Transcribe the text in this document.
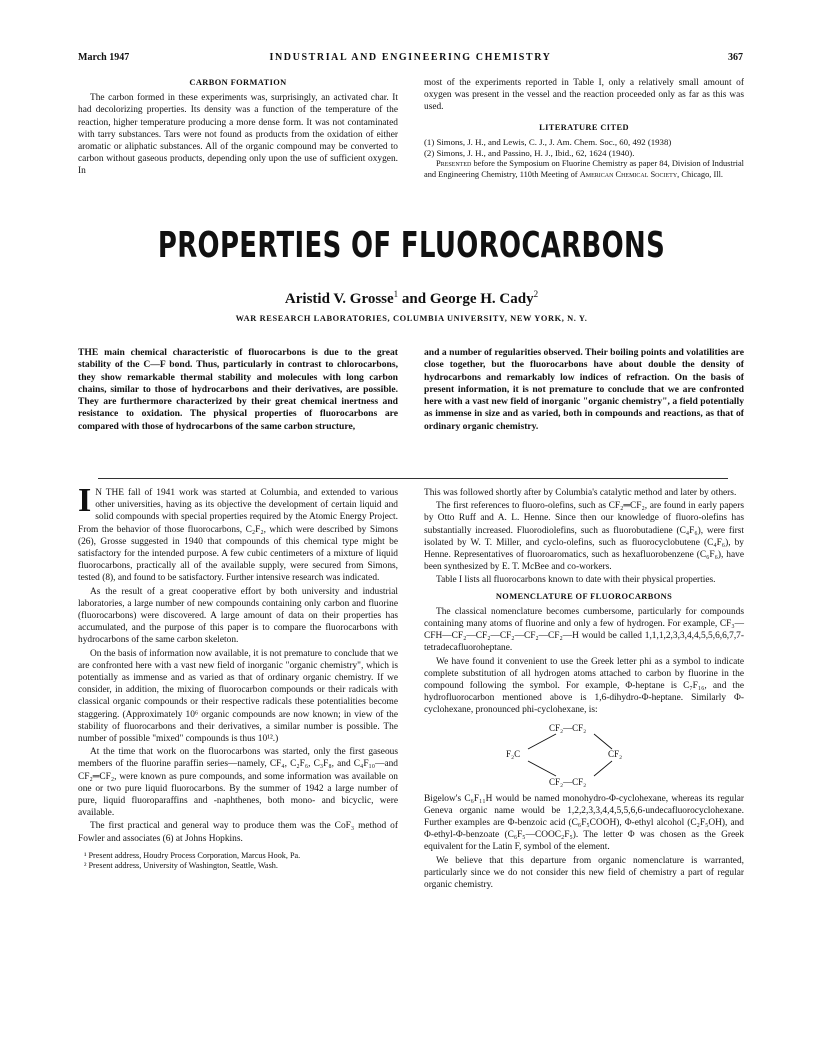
March 1947	INDUSTRIAL AND ENGINEERING CHEMISTRY	367

CARBON FORMATION

The carbon formed in these experiments was, surprisingly, an activated char. It had decolorizing properties. Its density was a function of the temperature of the reaction, higher temperature producing a more dense form. It was not contaminated with tarry substances. Tars were not found as products from the oxidation of either aromatic or aliphatic substances. All of the organic compound may be converted to carbon without gaseous products, depending only upon the use of sufficient oxygen. In

most of the experiments reported in Table I, only a relatively small amount of oxygen was present in the vessel and the reaction proceeded only as far as this was used.

LITERATURE CITED

(1) Simons, J. H., and Lewis, C. J., J. Am. Chem. Soc., 60, 492 (1938)

(2) Simons, J. H., and Passino, H. J., Ibid., 62, 1624 (1940).

Presented before the Symposium on Fluorine Chemistry as paper 84, Division of Industrial and Engineering Chemistry, 110th Meeting of American Chemical Society, Chicago, Ill.

PROPERTIES OF FLUOROCARBONS
Aristid V. Grosse$^1$ and George H. Cady$^2$
WAR RESEARCH LABORATORIES, COLUMBIA UNIVERSITY, NEW YORK, N. Y.
THE main chemical characteristic of fluorocarbons is due to the great stability of the C—F bond. Thus, particularly in contrast to chlorocarbons, they show remarkable thermal stability and molecules with long carbon chains, similar to those of hydrocarbons and their derivatives, are possible. They are furthermore characterized by their great chemical inertness and resistance to oxidation. The physical properties of fluorocarbons are compared with those of hydrocarbons of the same carbon structure,
and a number of regularities observed. Their boiling points and volatilities are close together, but the fluorocarbons have about double the density of hydrocarbons and remarkably low indices of refraction. On the basis of present information, it is not premature to conclude that we are confronted here with a vast new field of inorganic "organic chemistry", a field potentially as immense in size and as varied, both in compounds and reactions, as that of ordinary organic chemistry.

I N THE fall of 1941 work was started at Columbia, and extended to various other universities, having as its objective the development of certain liquid and solid compounds with special properties required by the Atomic Energy Project. From the behavior of those fluorocarbons, C₂F₂, which were described by Simons (26), Grosse suggested in 1940 that compounds of this chemical type might be satisfactory for the intended purpose. A few cubic centimeters of a mixture of liquid fluorocarbons, practically all of the available supply, were secured from Simons, tested (8), and found to be satisfactory. Further intensive research was indicated.

As the result of a great cooperative effort by both university and industrial laboratories, a large number of new compounds containing only carbon and fluorine (fluorocarbons) were discovered. A large amount of data on their properties has accumulated, and the purpose of this paper is to compare the fluorocarbons with hydrocarbons of the same carbon skeleton.

On the basis of information now available, it is not premature to conclude that we are confronted here with a vast new field of inorganic "organic chemistry", which is potentially as immense and as varied as that of ordinary organic chemistry. If we consider, in addition, the mixing of fluorocarbon compounds or their radicals with classical organic compounds or their respective radicals these potentialities become staggering. (Approximately 10⁶ organic compounds are now known; in view of the stability of fluorocarbons and their derivatives, a similar number is possible. The number of possible "mixed" compounds is thus 10¹².)

At the time that work on the fluorocarbons was started, only the first gaseous members of the fluorine paraffin series—namely, CF₄, C₂F₆, C₃F₈, and C₄F₁₀—and CF₂═CF₂, were known as pure compounds, and some information was available on one or two pure liquid fluorocarbons. By the summer of 1942 a large number of pure, liquid fluoroparaffins and -naphthenes, both mono- and bicyclic, were available.

The first practical and general way to produce them was the CoF₃ method of Fowler and associates (6) at Johns Hopkins.

¹ Present address, Houdry Process Corporation, Marcus Hook, Pa.

² Present address, University of Washington, Seattle, Wash.

This was followed shortly after by Columbia's catalytic method and later by others.

The first references to fluoro-olefins, such as CF₂═CF₂, are found in early papers by Otto Ruff and A. L. Henne. Since then our knowledge of fluoro-olefins has substantially increased. Fluorodiolefins, such as fluorobutadiene (C₄F₆), were first isolated by W. T. Miller, and cyclo-olefins, such as fluorocyclobutene (C₄F₆), by Henne. Representatives of fluoroaromatics, such as hexafluorobenzene (C₆F₆), have been synthesized by E. T. McBee and co-workers.

Table I lists all fluorocarbons known to date with their physical properties.

NOMENCLATURE OF FLUOROCARBONS

The classical nomenclature becomes cumbersome, particularly for compounds containing many atoms of fluorine and only a few of hydrogen. For example, CF₃—CFH—CF₂—CF₂—CF₂—CF₂—CF₂—H would be called 1,1,1,2,3,3,4,4,5,5,6,6,7,7-tetradecafluoroheptane.

We have found it convenient to use the Greek letter phi as a symbol to indicate complete substitution of all hydrogen atoms attached to carbon by fluorine in the compound following the symbol. For example, Φ-heptane is C₇F₁₆, and the hydrofluorocarbon mentioned above is 1,6-dihydro-Φ-heptane. Similarly Φ-cyclohexane, pronounced phi-cyclohexane, is:

CF₂—CF₂
F₂C	CF₂
CF₂—CF₂

Bigelow's C₆F₁₁H would be named monohydro-Φ-cyclohexane, whereas its regular Geneva organic name would be 1,2,2,3,3,4,4,5,5,6,6-undecafluorocyclohexane. Further examples are Φ-benzoic acid (C₆F₅COOH), Φ-ethyl alcohol (C₂F₅OH), and Φ-ethyl-Φ-benzoate (C₆F₅—COOC₂F₅). The letter Φ was chosen as the Greek equivalent for the Latin F, symbol of the element.

We believe that this departure from organic nomenclature is warranted, particularly since we do not consider this new field of chemistry a part of regular organic chemistry.
